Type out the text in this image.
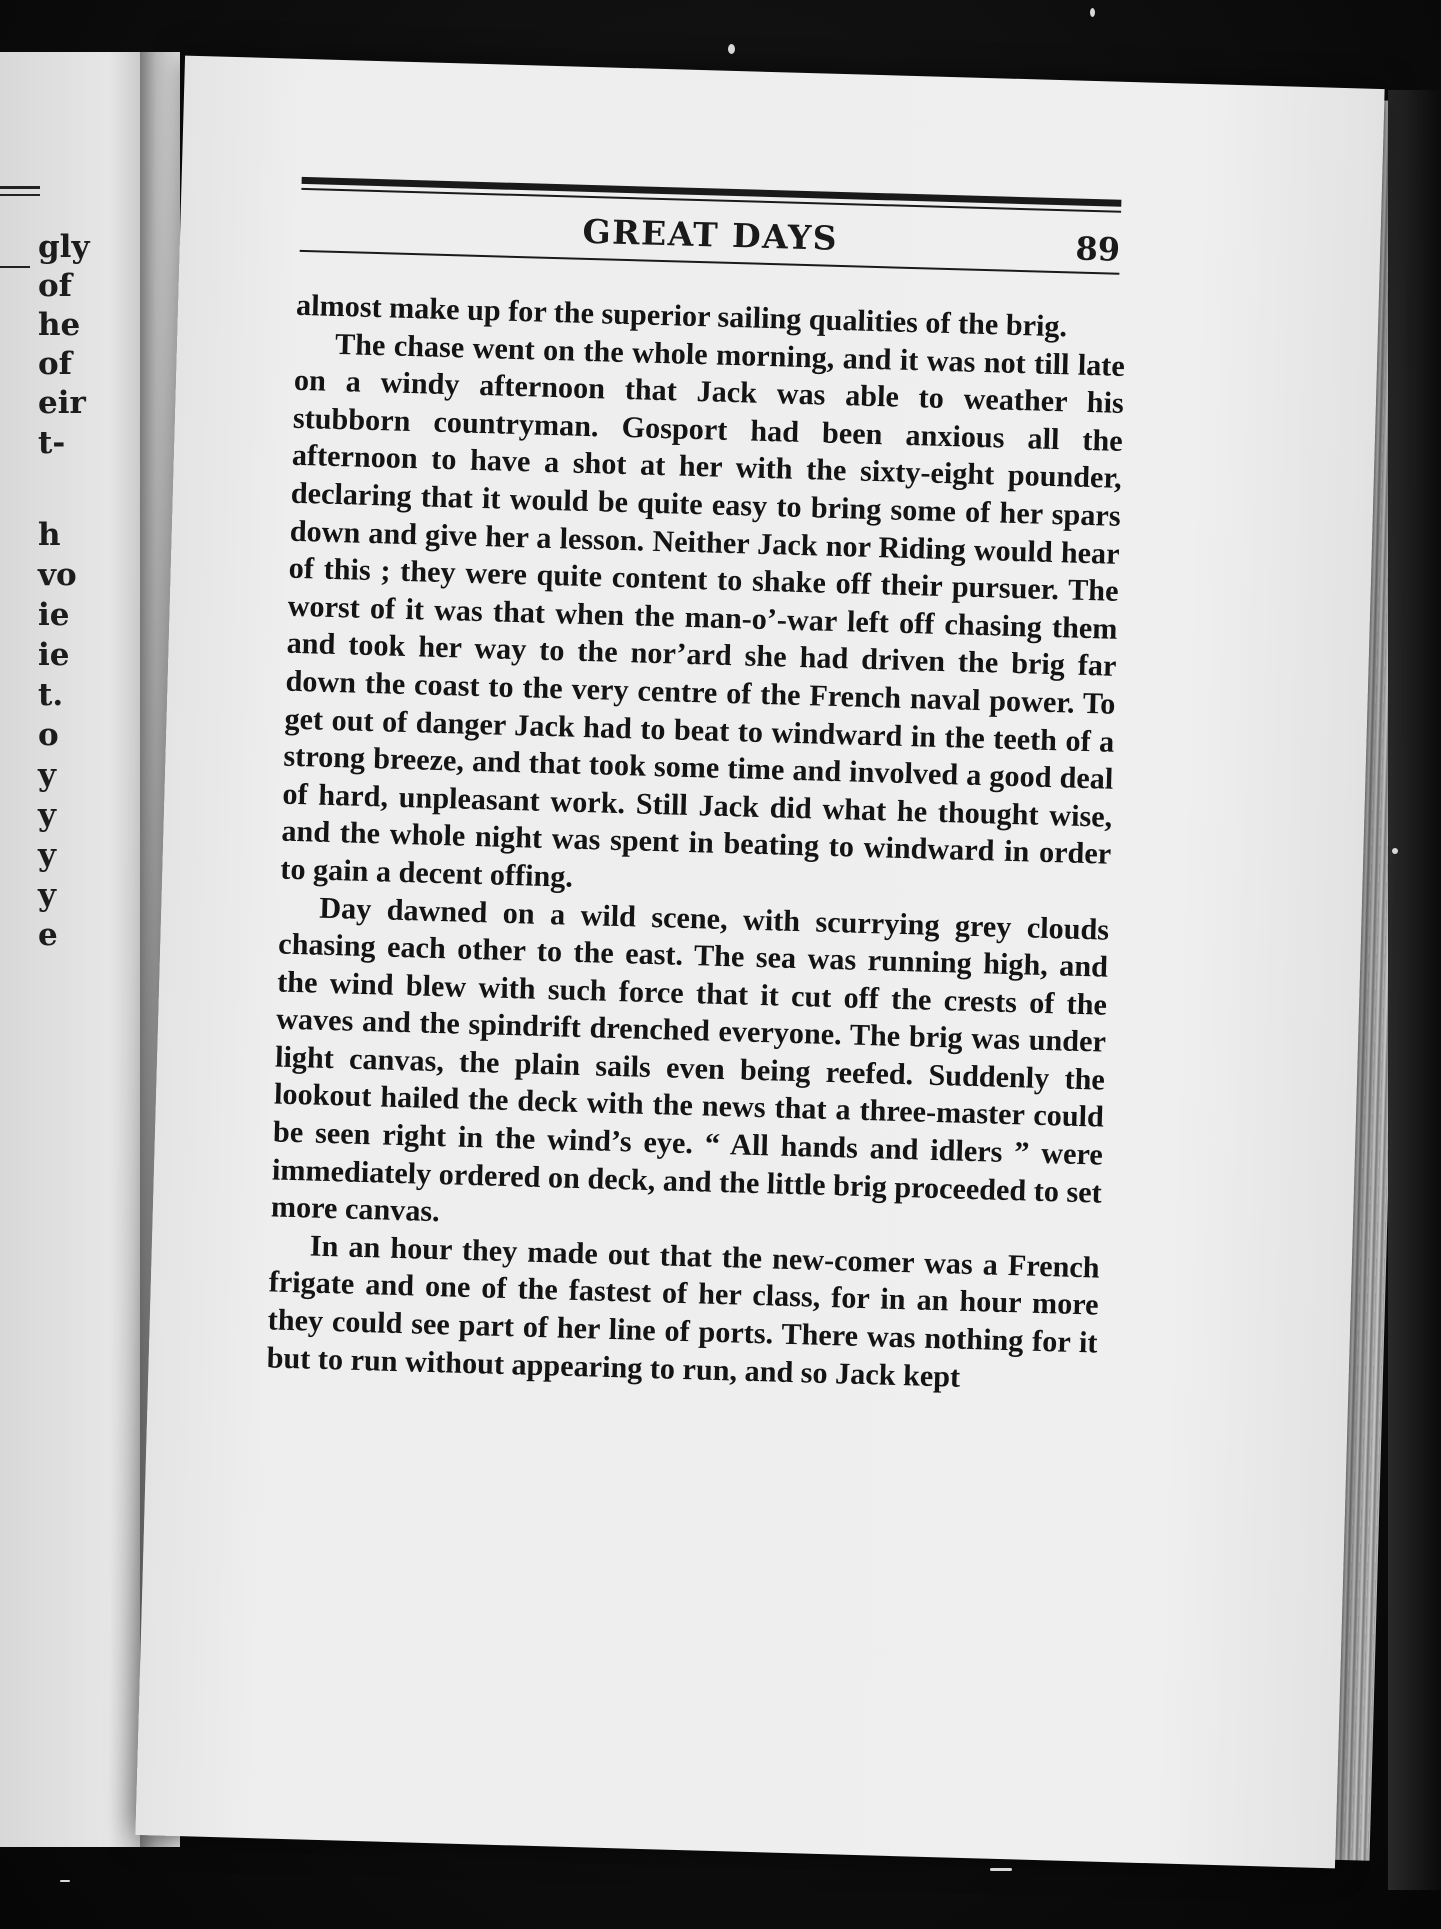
gly
of
he
of
eir
t-
h
vo
ie
ie
t.
o
y
y
y
y
e
GREAT DAYS	89

almost make up for the superior sailing qualities of the brig.

The chase went on the whole morning, and it was not till late on a windy afternoon that Jack was able to weather his stubborn countryman. Gosport had been anxious all the afternoon to have a shot at her with the sixty-eight pounder, declaring that it would be quite easy to bring some of her spars down and give her a lesson. Neither Jack nor Riding would hear of this ; they were quite content to shake off their pursuer. The worst of it was that when the man-o’-war left off chasing them and took her way to the nor’ard she had driven the brig far down the coast to the very centre of the French naval power. To get out of danger Jack had to beat to windward in the teeth of a strong breeze, and that took some time and involved a good deal of hard, unpleasant work. Still Jack did what he thought wise, and the whole night was spent in beating to windward in order to gain a decent offing.

Day dawned on a wild scene, with scurrying grey clouds chasing each other to the east. The sea was running high, and the wind blew with such force that it cut off the crests of the waves and the spindrift drenched everyone. The brig was under light canvas, the plain sails even being reefed. Suddenly the lookout hailed the deck with the news that a three-master could be seen right in the wind’s eye. “ All hands and idlers ” were immediately ordered on deck, and the little brig proceeded to set more canvas.

In an hour they made out that the new-comer was a French frigate and one of the fastest of her class, for in an hour more they could see part of her line of ports. There was nothing for it but to run without appearing to run, and so Jack kept
